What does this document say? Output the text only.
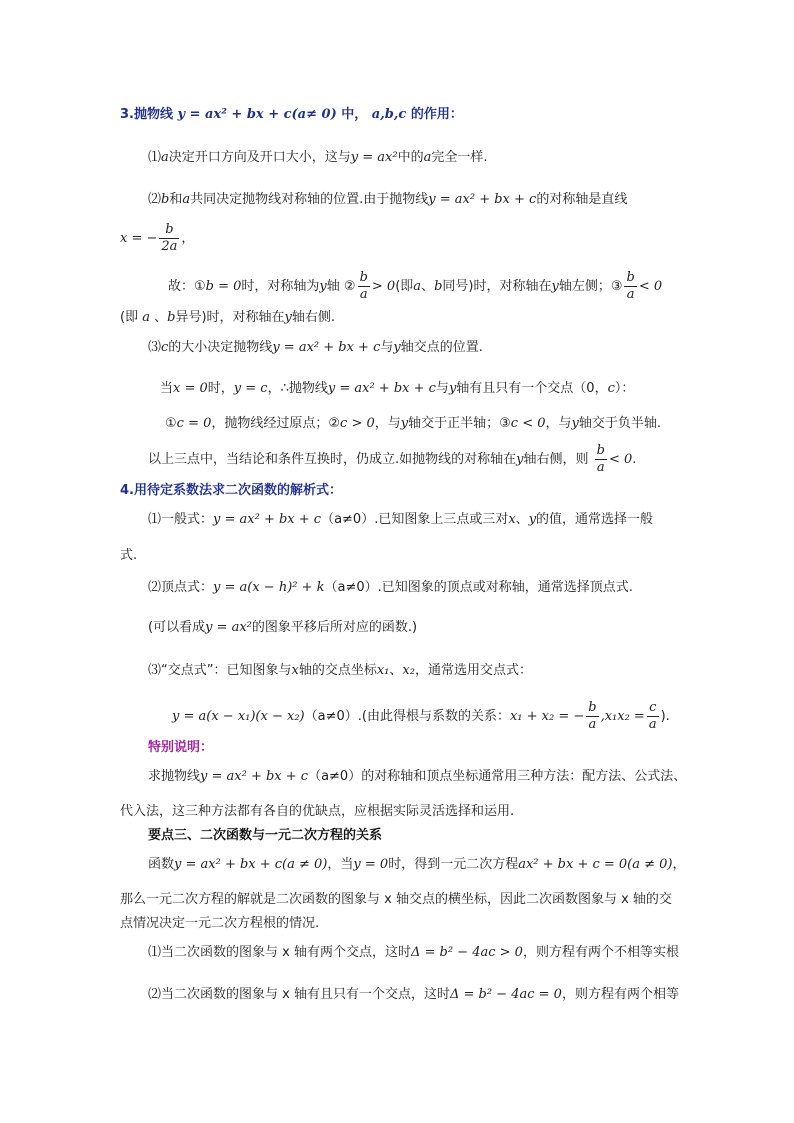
3.抛物线 y = ax² + bx + c(a≠ 0) 中， a,b,c 的作用：
⑴a决定开口方向及开口大小，这与y = ax²中的a完全一样.
⑵b和a共同决定抛物线对称轴的位置.由于抛物线y = ax² + bx + c的对称轴是直线
x = − $\frac{b}{2a}$ ，
故：①b = 0时，对称轴为y轴 ② $\frac{b}{a} > 0$(即a、b同号)时，对称轴在y轴左侧；③ $\frac{b}{a} < 0$
(即 a 、b异号)时，对称轴在y轴右侧.
⑶c的大小决定抛物线y = ax² + bx + c与y轴交点的位置.
当x = 0时，y = c，∴抛物线y = ax² + bx + c与y轴有且只有一个交点（0，c）：
①c = 0，抛物线经过原点；②c > 0，与y轴交于正半轴；③c < 0，与y轴交于负半轴.
以上三点中，当结论和条件互换时，仍成立.如抛物线的对称轴在y轴右侧，则 $\frac{b}{a} < 0$.
4.用待定系数法求二次函数的解析式：
⑴一般式：y = ax² + bx + c（a≠0）.已知图象上三点或三对x、y的值，通常选择一般
式.
⑵顶点式：y = a(x − h)² + k（a≠0）.已知图象的顶点或对称轴，通常选择顶点式.
(可以看成y = ax²的图象平移后所对应的函数.)
⑶“交点式”：已知图象与x轴的交点坐标x₁、x₂，通常选用交点式：
y = a(x − x₁)(x − x₂)（a≠0）.(由此得根与系数的关系：x₁ + x₂ = − $\frac{b}{a} ,x_1x_2 = \frac{c}{a}$ ).
特别说明：
求抛物线y = ax² + bx + c（a≠0）的对称轴和顶点坐标通常用三种方法：配方法、公式法、
代入法，这三种方法都有各自的优缺点，应根据实际灵活选择和运用.
要点三、二次函数与一元二次方程的关系
函数y = ax² + bx + c(a ≠ 0)，当y = 0时，得到一元二次方程ax² + bx + c = 0(a ≠ 0)，
那么一元二次方程的解就是二次函数的图象与 x 轴交点的横坐标，因此二次函数图象与 x 轴的交
点情况决定一元二次方程根的情况.
⑴当二次函数的图象与 x 轴有两个交点，这时Δ = b² − 4ac > 0，则方程有两个不相等实根
⑵当二次函数的图象与 x 轴有且只有一个交点，这时Δ = b² − 4ac = 0，则方程有两个相等
